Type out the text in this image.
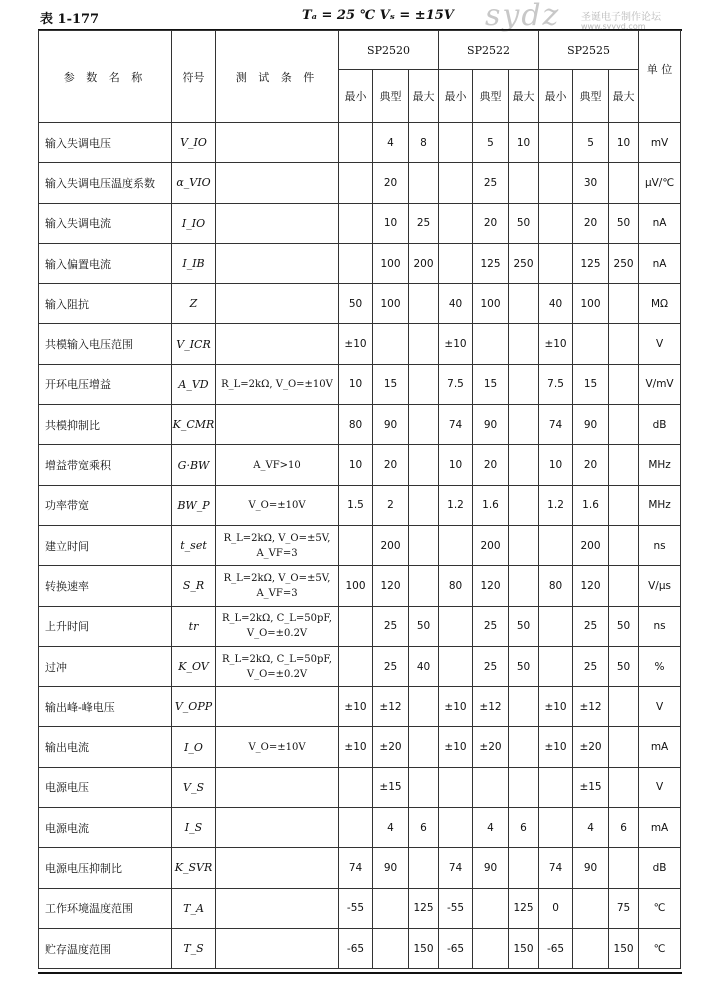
表 1-177	Tₐ = 25 ℃ Vₛ = ±15V sydz 圣诞电子制作论坛
www.syyyd.com
参 数 名 称	符号	测 试 条 件	SP2520			SP2522			SP2525			单 位
			最小	典型	最大	最小	典型	最大	最小	典型	最大	
输入失调电压	V_IO			4	8		5	10		5	10	mV
输入失调电压温度系数	α_VIO			20			25			30		μV/℃
输入失调电流	I_IO			10	25		20	50		20	50	nA
输入偏置电流	I_IB			100	200		125	250		125	250	nA
输入阻抗	Z		50	100		40	100		40	100		MΩ
共模输入电压范围	V_ICR		±10			±10			±10			V
开环电压增益	A_VD	R_L=2kΩ, V_O=±10V	10	15		7.5	15		7.5	15		V/mV
共模抑制比	K_CMR		80	90		74	90		74	90		dB
增益带宽乘积	G·BW	A_VF>10	10	20		10	20		10	20		MHz
功率带宽	BW_P	V_O=±10V	1.5	2		1.2	1.6		1.2	1.6		MHz
建立时间	t_set	R_L=2kΩ, V_O=±5V,
A_VF=3		200			200			200		ns
转换速率	S_R	R_L=2kΩ, V_O=±5V,
A_VF=3	100	120		80	120		80	120		V/μs
上升时间	tr	R_L=2kΩ, C_L=50pF,
V_O=±0.2V		25	50		25	50		25	50	ns
过冲	K_OV	R_L=2kΩ, C_L=50pF,
V_O=±0.2V		25	40		25	50		25	50	%
输出峰-峰电压	V_OPP		±10	±12		±10	±12		±10	±12		V
输出电流	I_O	V_O=±10V	±10	±20		±10	±20		±10	±20		mA
电源电压	V_S			±15						±15		V
电源电流	I_S			4	6		4	6		4	6	mA
电源电压抑制比	K_SVR		74	90		74	90		74	90		dB
工作环境温度范围	T_A		-55		125	-55		125	0		75	℃
贮存温度范围	T_S		-65		150	-65		150	-65		150	℃
